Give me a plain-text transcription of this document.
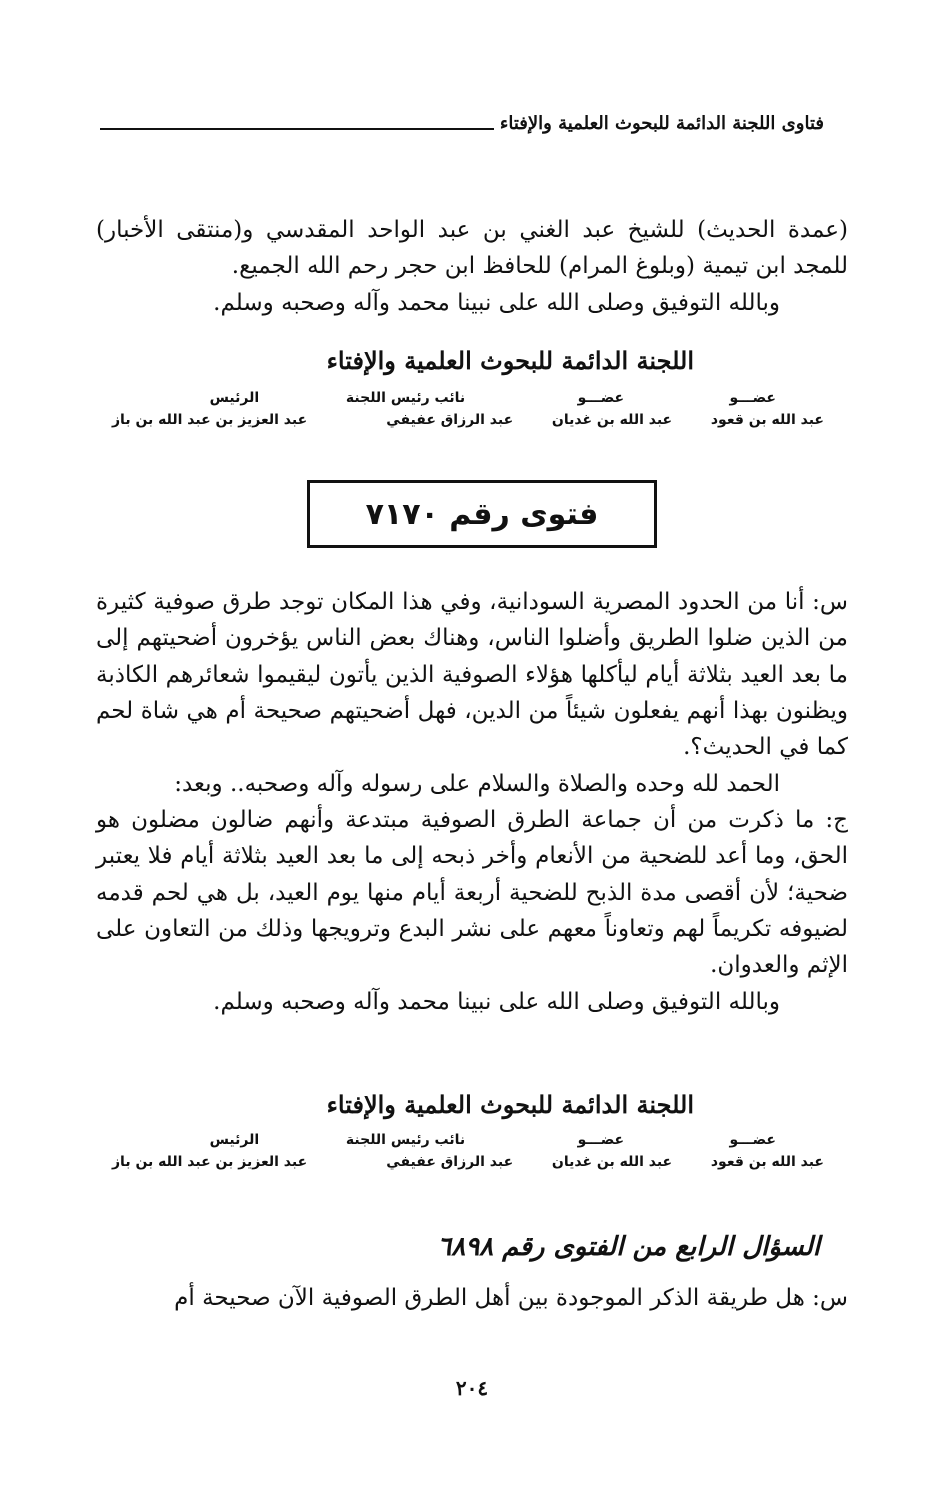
فتاوى اللجنة الدائمة للبحوث العلمية والإفتاء

(عمدة الحديث) للشيخ عبد الغني بن عبد الواحد المقدسي و(منتقى الأخبار) للمجد ابن تيمية (وبلوغ المرام) للحافظ ابن حجر رحم الله الجميع.

وبالله التوفيق وصلى الله على نبينا محمد وآله وصحبه وسلم.

اللجنة الدائمة للبحوث العلمية والإفتاء
عضـــو
عبد الله بن قعود
عضـــو
عبد الله بن غديان
نائب رئيس اللجنة
عبد الرزاق عفيفي
الرئيس
عبد العزيز بن عبد الله بن باز
فتوى رقم ٧١٧٠

س: أنا من الحدود المصرية السودانية، وفي هذا المكان توجد طرق صوفية كثيرة من الذين ضلوا الطريق وأضلوا الناس، وهناك بعض الناس يؤخرون أضحيتهم إلى ما بعد العيد بثلاثة أيام ليأكلها هؤلاء الصوفية الذين يأتون ليقيموا شعائرهم الكاذبة ويظنون بهذا أنهم يفعلون شيئاً من الدين، فهل أضحيتهم صحيحة أم هي شاة لحم كما في الحديث؟.

الحمد لله وحده والصلاة والسلام على رسوله وآله وصحبه.. وبعد:

ج: ما ذكرت من أن جماعة الطرق الصوفية مبتدعة وأنهم ضالون مضلون هو الحق، وما أعد للضحية من الأنعام وأخر ذبحه إلى ما بعد العيد بثلاثة أيام فلا يعتبر ضحية؛ لأن أقصى مدة الذبح للضحية أربعة أيام منها يوم العيد، بل هي لحم قدمه لضيوفه تكريماً لهم وتعاوناً معهم على نشر البدع وترويجها وذلك من التعاون على الإثم والعدوان.

وبالله التوفيق وصلى الله على نبينا محمد وآله وصحبه وسلم.

اللجنة الدائمة للبحوث العلمية والإفتاء
عضـــو
عبد الله بن قعود
عضـــو
عبد الله بن غديان
نائب رئيس اللجنة
عبد الرزاق عفيفي
الرئيس
عبد العزيز بن عبد الله بن باز
السؤال الرابع من الفتوى رقم ٦٨٩٨

س: هل طريقة الذكر الموجودة بين أهل الطرق الصوفية الآن صحيحة أم

٢٠٤
